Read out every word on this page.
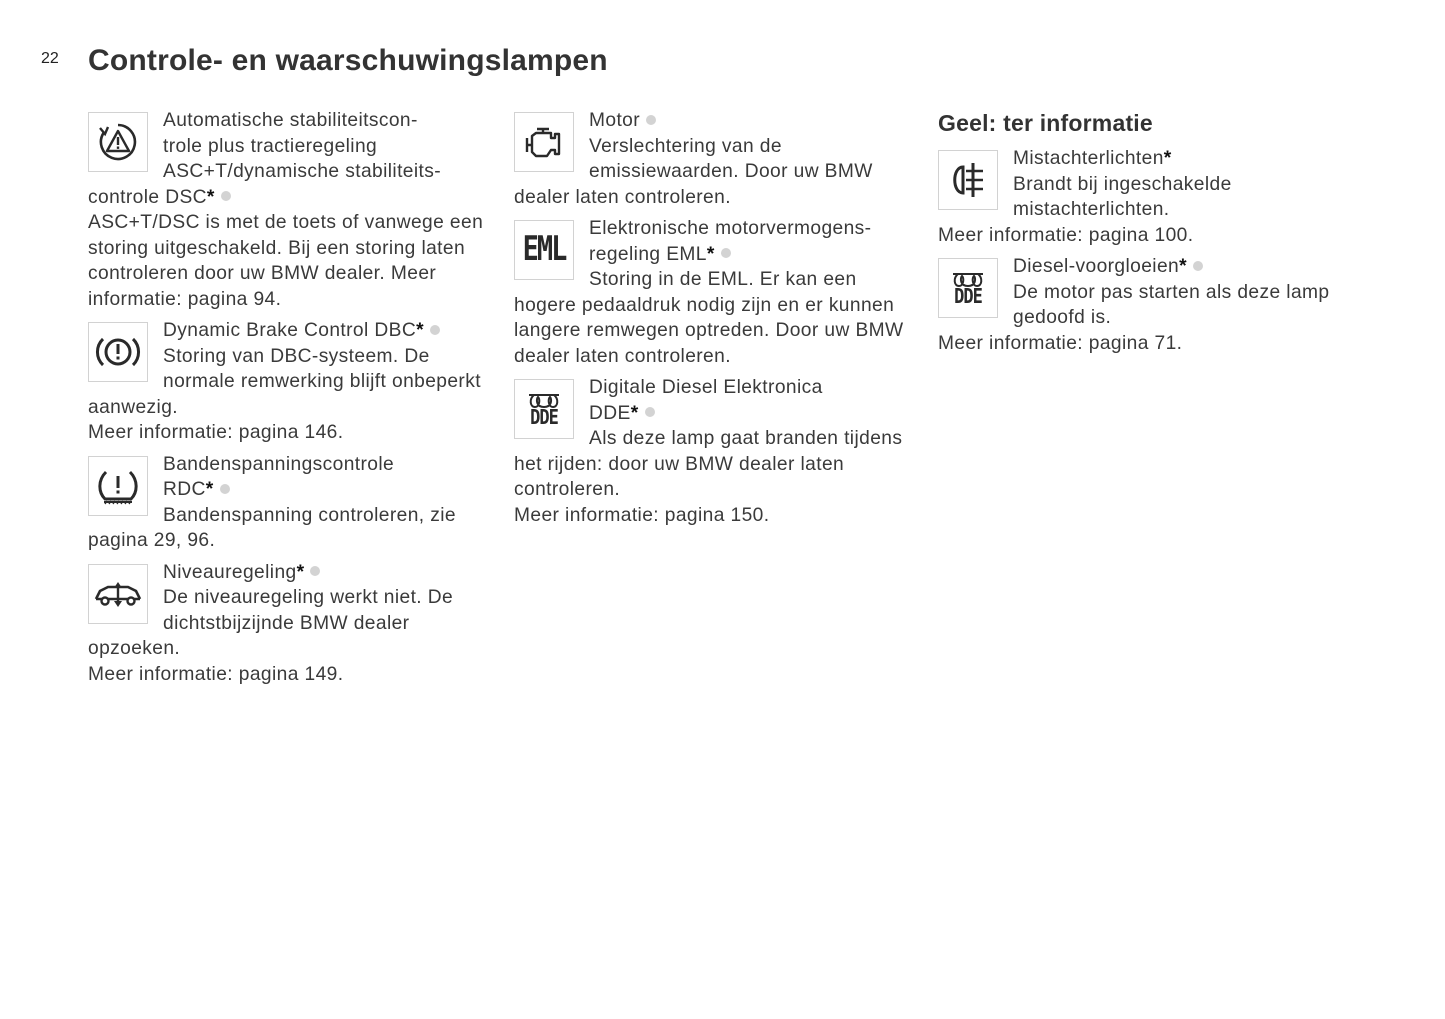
22 Controle- en waarschuwingslampen

Automatische stabiliteitscon-
trole plus tractieregeling
ASC+T/dynamische stabiliteits-
controle DSC*

ASC+T/DSC is met de toets of vanwege een storing uitgeschakeld. Bij een storing laten controleren door uw BMW dealer. Meer informatie: pagina 94.

Dynamic Brake Control DBC*

Storing van DBC-systeem. De normale remwerking blijft onbeperkt aanwezig.

Meer informatie: pagina 146.

Bandenspanningscontrole
RDC*

Bandenspanning controleren, zie pagina 29, 96.

Niveauregeling*

De niveauregeling werkt niet. De dichtstbijzijnde BMW dealer opzoeken.

Meer informatie: pagina 149.

Motor

Verslechtering van de emissiewaarden. Door uw BMW dealer laten controleren.

EML

Elektronische motorvermogens-
regeling EML*

Storing in de EML. Er kan een hogere pedaaldruk nodig zijn en er kunnen langere remwegen optreden. Door uw BMW dealer laten controleren.

DDE

Digitale Diesel Elektronica
DDE*

Als deze lamp gaat branden tijdens het rijden: door uw BMW dealer laten controleren.

Meer informatie: pagina 150.

Geel: ter informatie

Mistachterlichten*

Brandt bij ingeschakelde mistachterlichten.

Meer informatie: pagina 100.

DDE

Diesel-voorgloeien*

De motor pas starten als deze lamp gedoofd is.

Meer informatie: pagina 71.
